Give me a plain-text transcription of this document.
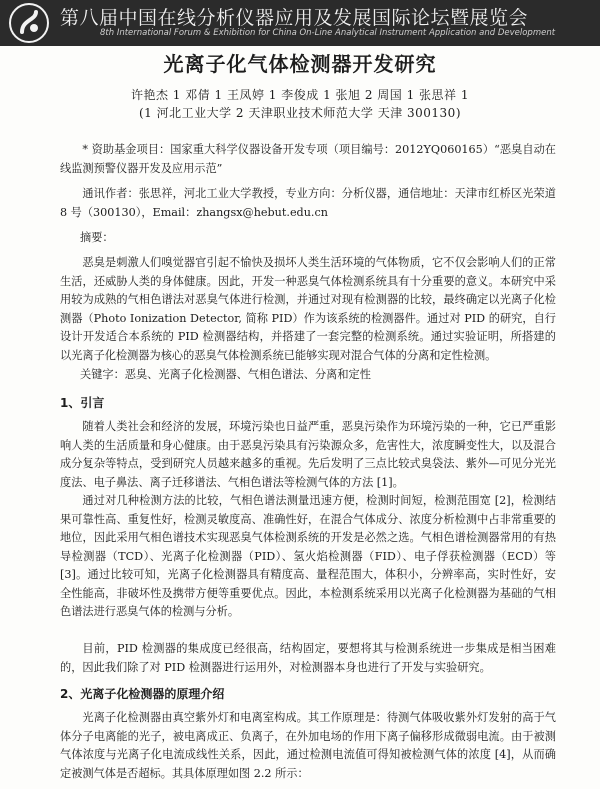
第八届中国在线分析仪器应用及发展国际论坛暨展览会
8th International Forum & Exhibition for China On-Line Analytical Instrument Application and Development
光离子化气体检测器开发研究
许艳杰 1 邓倩 1 王凤婷 1 李俊成 1 张旭 2 周国 1 张思祥 1
(1 河北工业大学 2 天津职业技术师范大学 天津 300130)

* 资助基金项目：国家重大科学仪器设备开发专项（项目编号：2012YQ060165）“恶臭自动在线监测预警仪器开发及应用示范”

通讯作者：张思祥，河北工业大学教授，专业方向：分析仪器，通信地址：天津市红桥区光荣道 8 号（300130），Email：zhangsx@hebut.edu.cn

摘要：

恶臭是刺激人们嗅觉器官引起不愉快及损坏人类生活环境的气体物质，它不仅会影响人们的正常生活，还威胁人类的身体健康。因此，开发一种恶臭气体检测系统具有十分重要的意义。本研究中采用较为成熟的气相色谱法对恶臭气体进行检测，并通过对现有检测器的比较，最终确定以光离子化检测器（Photo Ionization Detector, 简称 PID）作为该系统的检测器件。通过对 PID 的研究，自行设计开发适合本系统的 PID 检测器结构，并搭建了一套完整的检测系统。通过实验证明，所搭建的以光离子化检测器为核心的恶臭气体检测系统已能够实现对混合气体的分离和定性检测。

关键字：恶臭、光离子化检测器、气相色谱法、分离和定性
1、引言

随着人类社会和经济的发展，环境污染也日益严重，恶臭污染作为环境污染的一种，它已严重影响人类的生活质量和身心健康。由于恶臭污染具有污染源众多，危害性大，浓度瞬变性大，以及混合成分复杂等特点，受到研究人员越来越多的重视。先后发明了三点比较式臭袋法、紫外—可见分光光度法、电子鼻法、离子迁移谱法、气相色谱法等检测气体的方法 [1]。

通过对几种检测方法的比较，气相色谱法测量迅速方便，检测时间短，检测范围宽 [2]，检测结果可靠性高、重复性好，检测灵敏度高、准确性好，在混合气体成分、浓度分析检测中占非常重要的地位，因此采用气相色谱技术实现恶臭气体检测系统的开发是必然之选。气相色谱检测器常用的有热导检测器（TCD）、光离子化检测器（PID）、氢火焰检测器（FID）、电子俘获检测器（ECD）等 [3]。通过比较可知，光离子化检测器具有精度高、量程范围大，体积小，分辨率高，实时性好，安全性能高，非破坏性及携带方便等重要优点。因此，本检测系统采用以光离子化检测器为基础的气相色谱法进行恶臭气体的检测与分析。

目前，PID 检测器的集成度已经很高，结构固定，要想将其与检测系统进一步集成是相当困难的，因此我们除了对 PID 检测器进行运用外，对检测器本身也进行了开发与实验研究。

2、光离子化检测器的原理介绍

光离子化检测器由真空紫外灯和电离室构成。其工作原理是：待测气体吸收紫外灯发射的高于气体分子电离能的光子，被电离成正、负离子，在外加电场的作用下离子偏移形成微弱电流。由于被测气体浓度与光离子化电流成线性关系，因此，通过检测电流值可得知被检测气体的浓度 [4]，从而确定被测气体是否超标。其具体原理如图 2.2 所示：
